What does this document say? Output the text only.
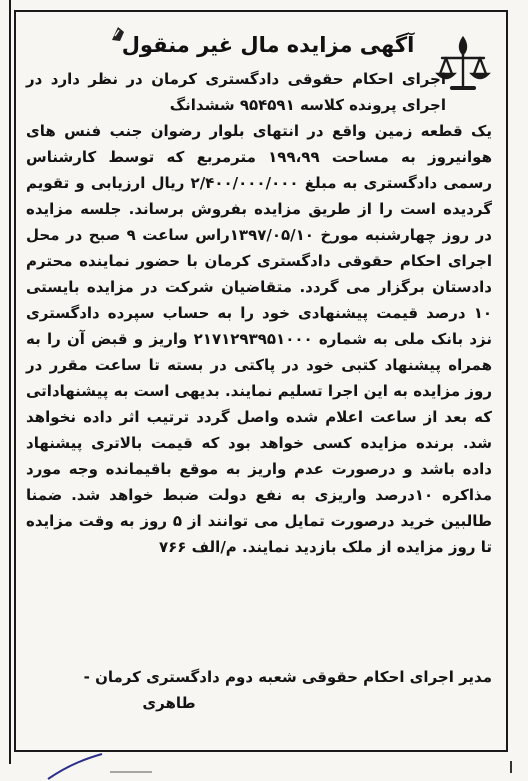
آگهی مزایده مال غیر منقول

اجرای احکام حقوقی دادگستری کرمان در نظر دارد در اجرای پرونده کلاسه ۹۵۴۵۹۱ ششدانگ

یک قطعه زمین واقع در انتهای بلوار رضوان جنب فنس های هوانیروز به مساحت ۱۹۹،۹۹ مترمربع که توسط کارشناس رسمی دادگستری به مبلغ ۲/۴۰۰/۰۰۰/۰۰۰ ریال ارزیابی و تقویم گردیده است را از طریق مزایده بفروش برساند. جلسه مزایده در روز چهارشنبه مورخ ۱۳۹۷/۰۵/۱۰راس ساعت ۹ صبح در محل اجرای احکام حقوقی دادگستری کرمان با حضور نماینده محترم دادستان برگزار می گردد. متقاضیان شرکت در مزایده بایستی ۱۰ درصد قیمت پیشنهادی خود را به حساب سپرده دادگستری نزد بانک ملی به شماره ۲۱۷۱۲۹۳۹۵۱۰۰۰ واریز و قبض آن را به همراه پیشنهاد کتبی خود در پاکتی در بسته تا ساعت مقرر در روز مزایده به این اجرا تسلیم نمایند. بدیهی است به پیشنهاداتی که بعد از ساعت اعلام شده واصل گردد ترتیب اثر داده نخواهد شد. برنده مزایده کسی خواهد بود که قیمت بالاتری پیشنهاد داده باشد و درصورت عدم واریز به موقع باقیمانده وجه مورد مذاکره ۱۰درصد واریزی به نفع دولت ضبط خواهد شد. ضمنا طالبین خرید درصورت تمایل می توانند از ۵ روز به وقت مزایده تا روز مزایده از ملک بازدید نمایند. م/الف ۷۶۶

مدیر اجرای احکام حقوقی شعبه دوم دادگستری کرمان -
طاهری
